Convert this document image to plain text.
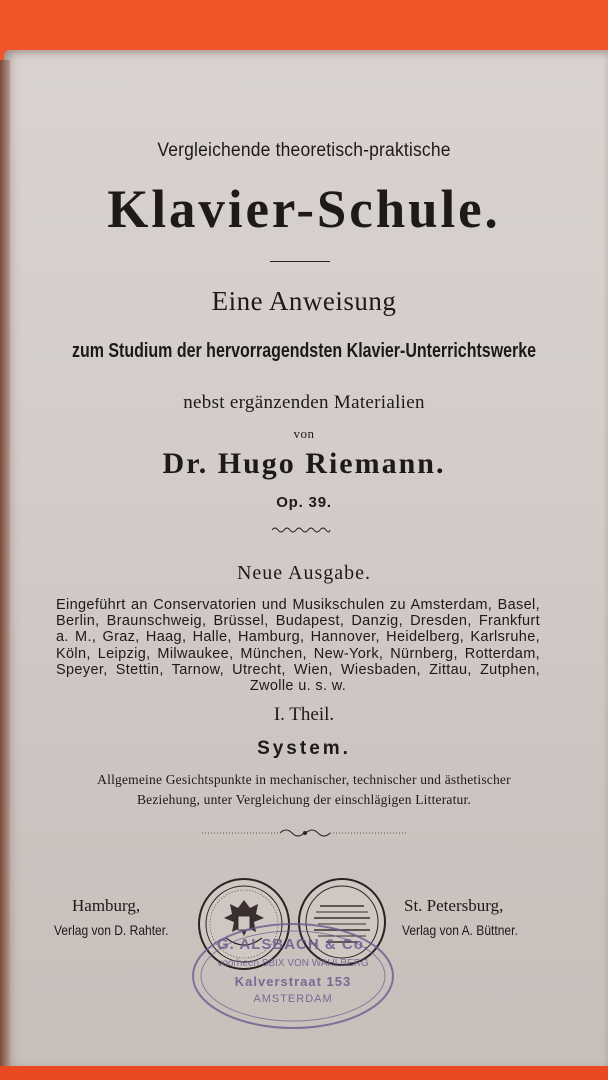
Vergleichende theoretisch-praktische
Klavier-Schule.
Eine Anweisung
zum Studium der hervorragendsten Klavier-Unterrichtswerke
nebst ergänzenden Materialien
von
Dr. Hugo Riemann.
Op. 39.
Neue Ausgabe.
Eingeführt an Conservatorien und Musikschulen zu Amsterdam, Basel, Berlin, Braunschweig, Brüssel, Budapest, Danzig, Dresden, Frankfurt a. M., Graz, Haag, Halle, Hamburg, Hannover, Heidelberg, Karlsruhe, Köln, Leipzig, Milwaukee, München, New-York, Nürnberg, Rotterdam, Speyer, Stettin, Tarnow, Utrecht, Wien, Wiesbaden, Zittau, Zutphen, Zwolle u. s. w.
I. Theil.
System.
Allgemeine Gesichtspunkte in mechanischer, technischer und ästhetischer
Beziehung, unter Vergleichung der einschlägigen Litteratur.
Hamburg,
Verlag von D. Rahter.
St. Petersburg,
Verlag von A. Büttner.
G. ALSBACH & Co.
voorheen SBIX VON WAHLBERG
Kalverstraat 153
AMSTERDAM
